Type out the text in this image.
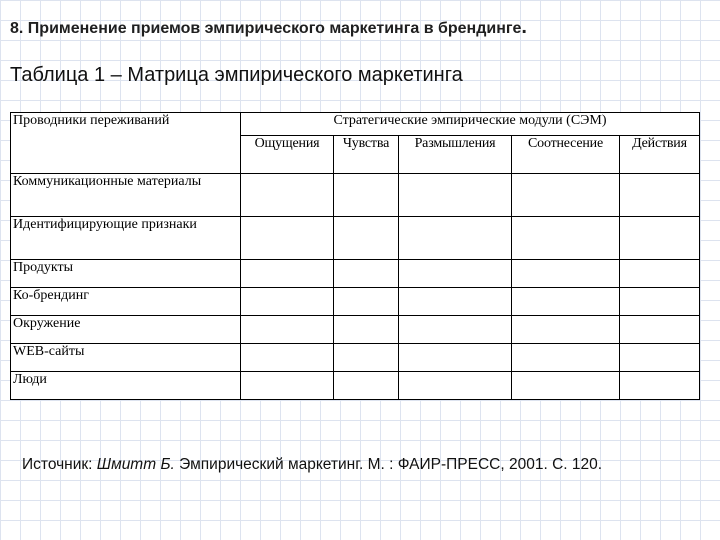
8. Применение приемов эмпирического маркетинга в брендинге.
Таблица 1 – Матрица эмпирического маркетинга
Проводники переживаний	Стратегические эмпирические модули (СЭМ)				
	Ощущения	Чувства	Размышления	Соотнесение	Действия
Коммуникационные материалы					
Идентифицирующие признаки					
Продукты					
Ко-брендинг					
Окружение					
WEB-сайты					
Люди					
Источник: Шмитт Б. Эмпирический маркетинг. М. : ФАИР-ПРЕСС, 2001. С. 120.
